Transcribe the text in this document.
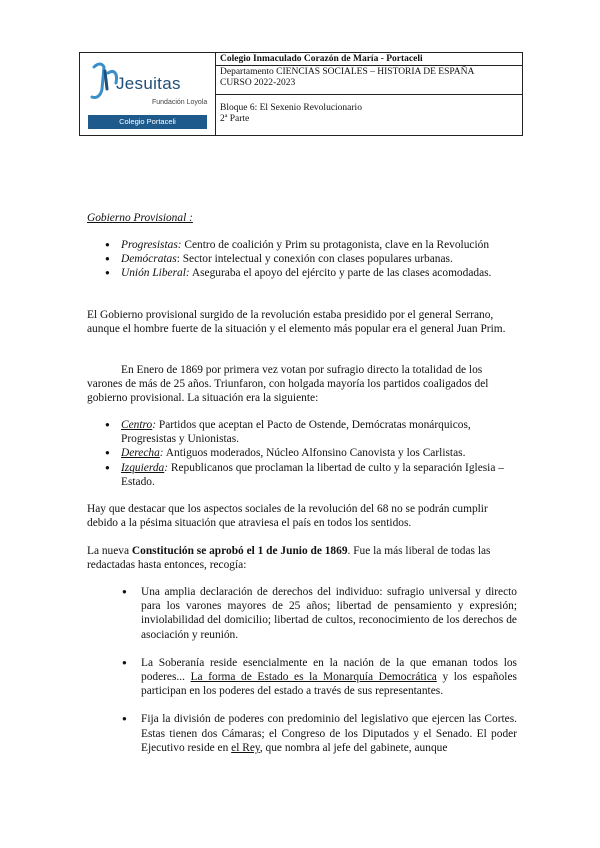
Jesuitas
Fundación Loyola
Colegio Portaceli
Colegio Inmaculado Corazón de María - Portaceli
Departamento CIENCIAS SOCIALES – HISTORIA DE ESPAÑA
CURSO 2022-2023
Bloque 6: El Sexenio Revolucionario
2ª Parte
Gobierno Provisional :
● Progresistas: Centro de coalición y Prim su protagonista, clave en la Revolución
● Demócratas: Sector intelectual y conexión con clases populares urbanas.
● Unión Liberal: Aseguraba el apoyo del ejército y parte de las clases acomodadas.
El Gobierno provisional surgido de la revolución estaba presidido por el general Serrano, aunque el hombre fuerte de la situación y el elemento más popular era el general Juan Prim.
En Enero de 1869 por primera vez votan por sufragio directo la totalidad de los varones de más de 25 años. Triunfaron, con holgada mayoría los partidos coaligados del gobierno provisional. La situación era la siguiente:
● Centro: Partidos que aceptan el Pacto de Ostende, Demócratas monárquicos, Progresistas y Unionistas.
● Derecha: Antiguos moderados, Núcleo Alfonsino Canovista y los Carlistas.
● Izquierda: Republicanos que proclaman la libertad de culto y la separación Iglesia – Estado.
Hay que destacar que los aspectos sociales de la revolución del 68 no se podrán cumplir debido a la pésima situación que atraviesa el país en todos los sentidos.
La nueva Constitución se aprobó el 1 de Junio de 1869. Fue la más liberal de todas las redactadas hasta entonces, recogía:
● Una amplia declaración de derechos del individuo: sufragio universal y directo para los varones mayores de 25 años; libertad de pensamiento y expresión; inviolabilidad del domicilio; libertad de cultos, reconocimiento de los derechos de asociación y reunión.
● La Soberanía reside esencialmente en la nación de la que emanan todos los poderes... La forma de Estado es la Monarquía Democrática y los españoles participan en los poderes del estado a través de sus representantes.
● Fija la división de poderes con predominio del legislativo que ejercen las Cortes. Estas tienen dos Cámaras; el Congreso de los Diputados y el Senado. El poder Ejecutivo reside en el Rey, que nombra al jefe del gabinete, aunque
